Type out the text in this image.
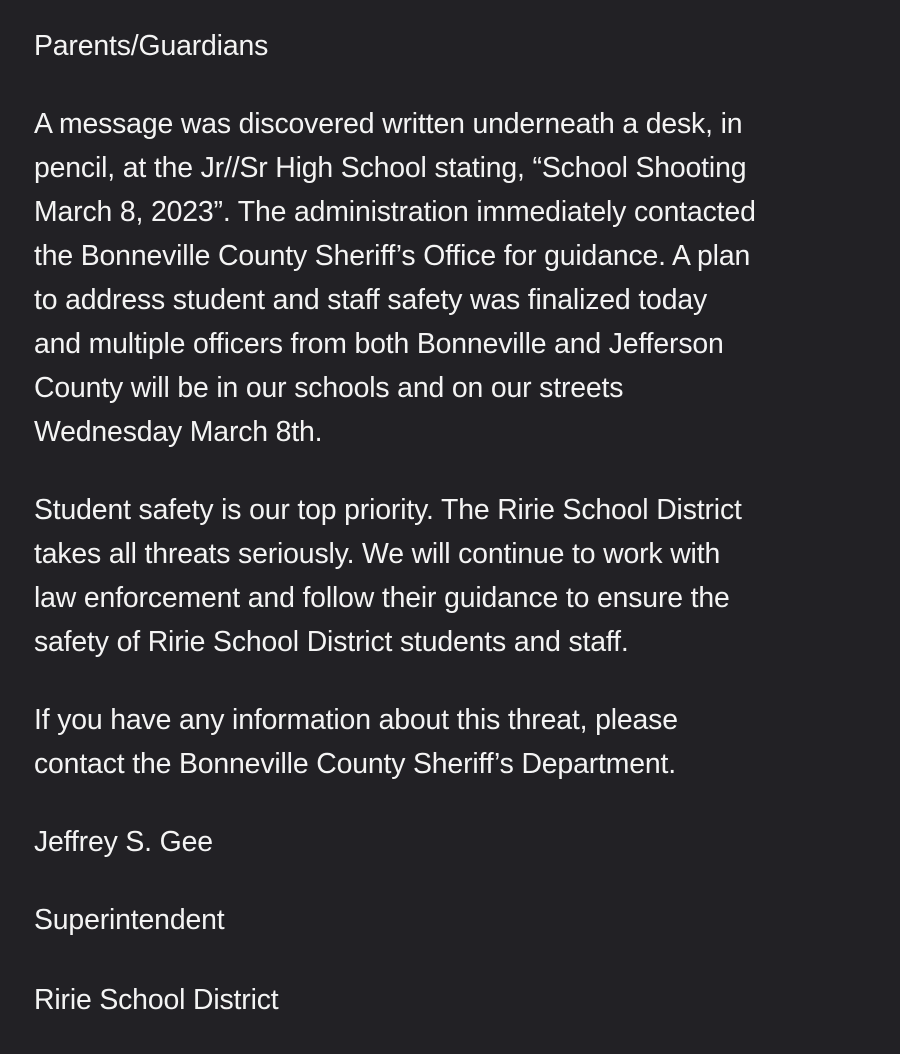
Parents/Guardians

A message was discovered written underneath a desk, in
pencil, at the Jr//Sr High School stating, “School Shooting
March 8, 2023”. The administration immediately contacted
the Bonneville County Sheriff’s Office for guidance. A plan
to address student and staff safety was finalized today
and multiple officers from both Bonneville and Jefferson
County will be in our schools and on our streets
Wednesday March 8th.

Student safety is our top priority. The Ririe School District
takes all threats seriously. We will continue to work with
law enforcement and follow their guidance to ensure the
safety of Ririe School District students and staff.

If you have any information about this threat, please
contact the Bonneville County Sheriff’s Department.

Jeffrey S. Gee

Superintendent

Ririe School District
